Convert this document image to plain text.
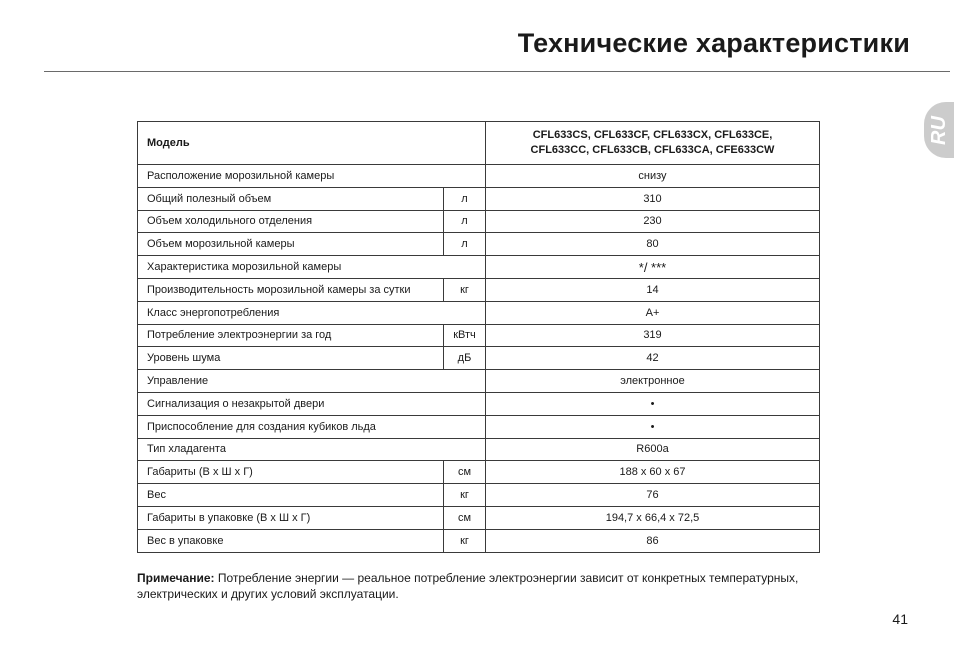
Технические характеристики
RU
Модель		CFL633CS, CFL633CF, CFL633CX, CFL633CE,
CFL633CC, CFL633CB, CFL633CA, CFE633CW
Расположение морозильной камеры		снизу
Общий полезный объем	л	310
Объем холодильного отделения	л	230
Объем морозильной камеры	л	80
Характеристика морозильной камеры		*/ ***
Производительность морозильной камеры за сутки	кг	14
Класс энергопотребления		A+
Потребление электроэнергии за год	кВтч	319
Уровень шума	дБ	42
Управление		электронное
Сигнализация о незакрытой двери		•
Приспособление для создания кубиков льда		•
Тип хладагента		R600a
Габариты (В х Ш х Г)	см	188 x 60 x 67
Вес	кг	76
Габариты в упаковке (В х Ш х Г)	см	194,7 x 66,4 x 72,5
Вес в упаковке	кг	86
Примечание: Потребление энергии — реальное потребление электроэнергии зависит от конкретных температурных, электрических и других условий эксплуатации.
41
